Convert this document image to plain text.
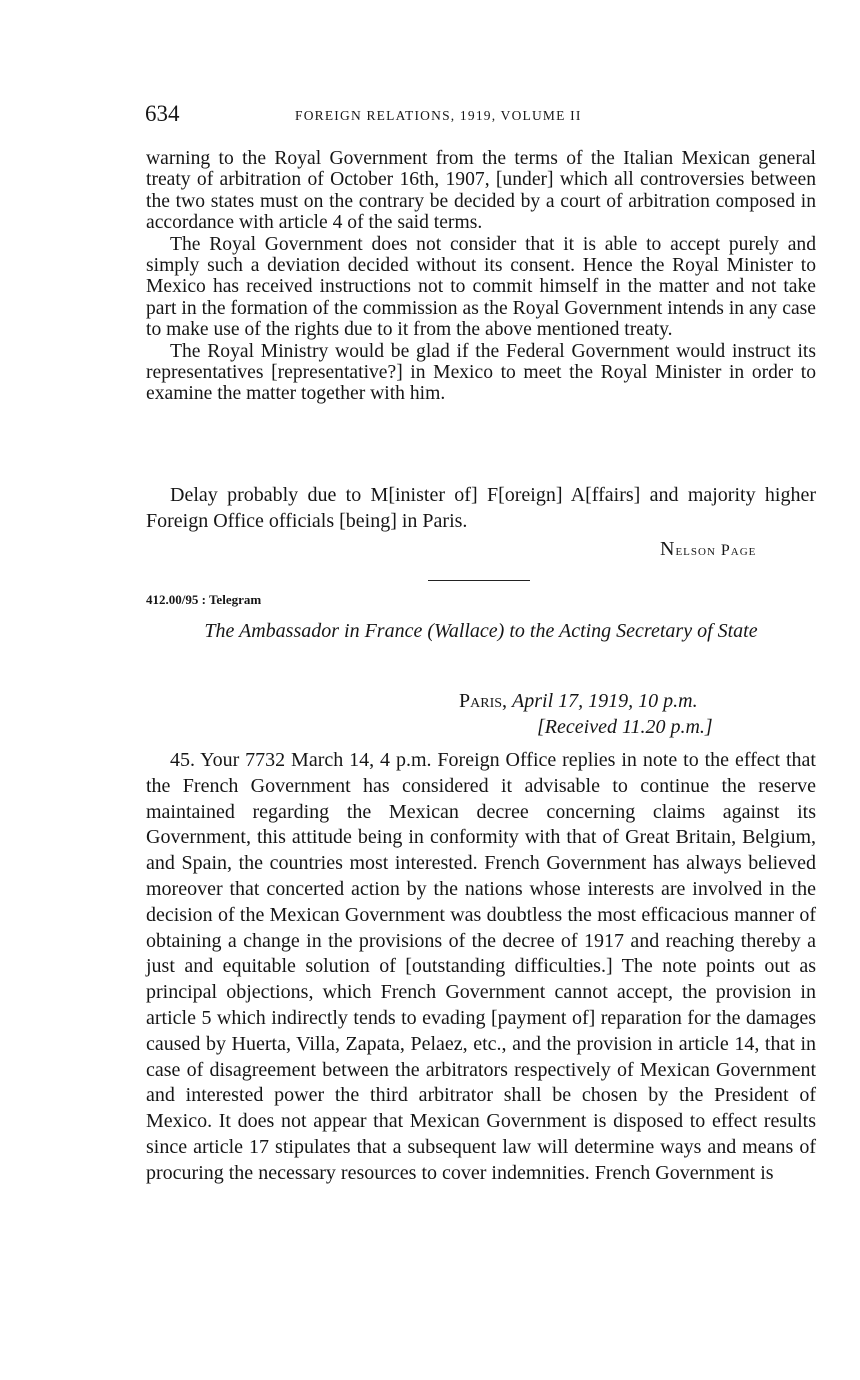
634	FOREIGN RELATIONS, 1919, VOLUME II

warning to the Royal Government from the terms of the Italian Mexican general treaty of arbitration of October 16th, 1907, [under] which all controversies between the two states must on the contrary be decided by a court of arbitration composed in accordance with article 4 of the said terms.

The Royal Government does not consider that it is able to accept purely and simply such a deviation decided without its consent. Hence the Royal Minister to Mexico has received instructions not to commit himself in the matter and not take part in the formation of the commission as the Royal Government intends in any case to make use of the rights due to it from the above mentioned treaty.

The Royal Ministry would be glad if the Federal Government would instruct its representatives [representative?] in Mexico to meet the Royal Minister in order to examine the matter together with him.

Delay probably due to M[inister of] F[oreign] A[ffairs] and majority higher Foreign Office officials [being] in Paris.

Nelson Page
412.00/95 : Telegram
The Ambassador in France (Wallace) to the Acting Secretary of State
Paris, April 17, 1919, 10 p.m.
[Received 11.20 p.m.]

45. Your 7732 March 14, 4 p.m. Foreign Office replies in note to the effect that the French Government has considered it advisable to continue the reserve maintained regarding the Mexican decree concerning claims against its Government, this attitude being in conformity with that of Great Britain, Belgium, and Spain, the countries most interested. French Government has always believed moreover that concerted action by the nations whose interests are involved in the decision of the Mexican Government was doubtless the most efficacious manner of obtaining a change in the provisions of the decree of 1917 and reaching thereby a just and equitable solution of [outstanding difficulties.] The note points out as principal objections, which French Government cannot accept, the provision in article 5 which indirectly tends to evading [payment of] reparation for the damages caused by Huerta, Villa, Zapata, Pelaez, etc., and the provision in article 14, that in case of disagreement between the arbitrators respectively of Mexican Government and interested power the third arbitrator shall be chosen by the President of Mexico. It does not appear that Mexican Government is disposed to effect results since article 17 stipulates that a subsequent law will determine ways and means of procuring the necessary resources to cover indemnities. French Government is
